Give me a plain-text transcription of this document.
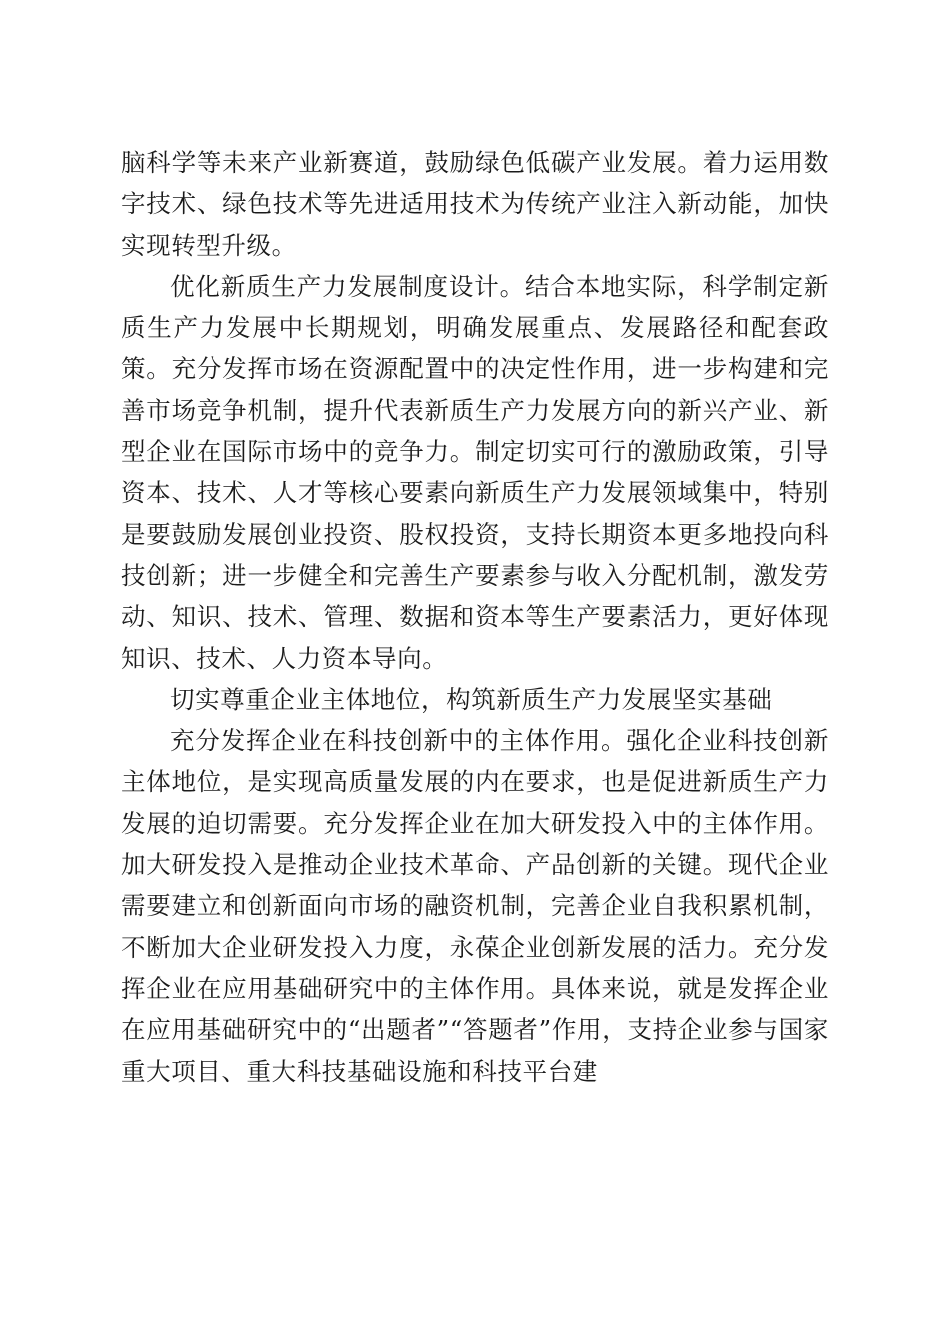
脑科学等未来产业新赛道，鼓励绿色低碳产业发展。着力运用数字技术、绿色技术等先进适用技术为传统产业注入新动能，加快实现转型升级。

优化新质生产力发展制度设计。结合本地实际，科学制定新质生产力发展中长期规划，明确发展重点、发展路径和配套政策。充分发挥市场在资源配置中的决定性作用，进一步构建和完善市场竞争机制，提升代表新质生产力发展方向的新兴产业、新型企业在国际市场中的竞争力。制定切实可行的激励政策，引导资本、技术、人才等核心要素向新质生产力发展领域集中，特别是要鼓励发展创业投资、股权投资，支持长期资本更多地投向科技创新；进一步健全和完善生产要素参与收入分配机制，激发劳动、知识、技术、管理、数据和资本等生产要素活力，更好体现知识、技术、人力资本导向。

切实尊重企业主体地位，构筑新质生产力发展坚实基础

充分发挥企业在科技创新中的主体作用。强化企业科技创新主体地位，是实现高质量发展的内在要求，也是促进新质生产力发展的迫切需要。充分发挥企业在加大研发投入中的主体作用。加大研发投入是推动企业技术革命、产品创新的关键。现代企业需要建立和创新面向市场的融资机制，完善企业自我积累机制，不断加大企业研发投入力度，永葆企业创新发展的活力。充分发挥企业在应用基础研究中的主体作用。具体来说，就是发挥企业在应用基础研究中的“出题者”“答题者”作用，支持企业参与国家重大项目、重大科技基础设施和科技平台建
